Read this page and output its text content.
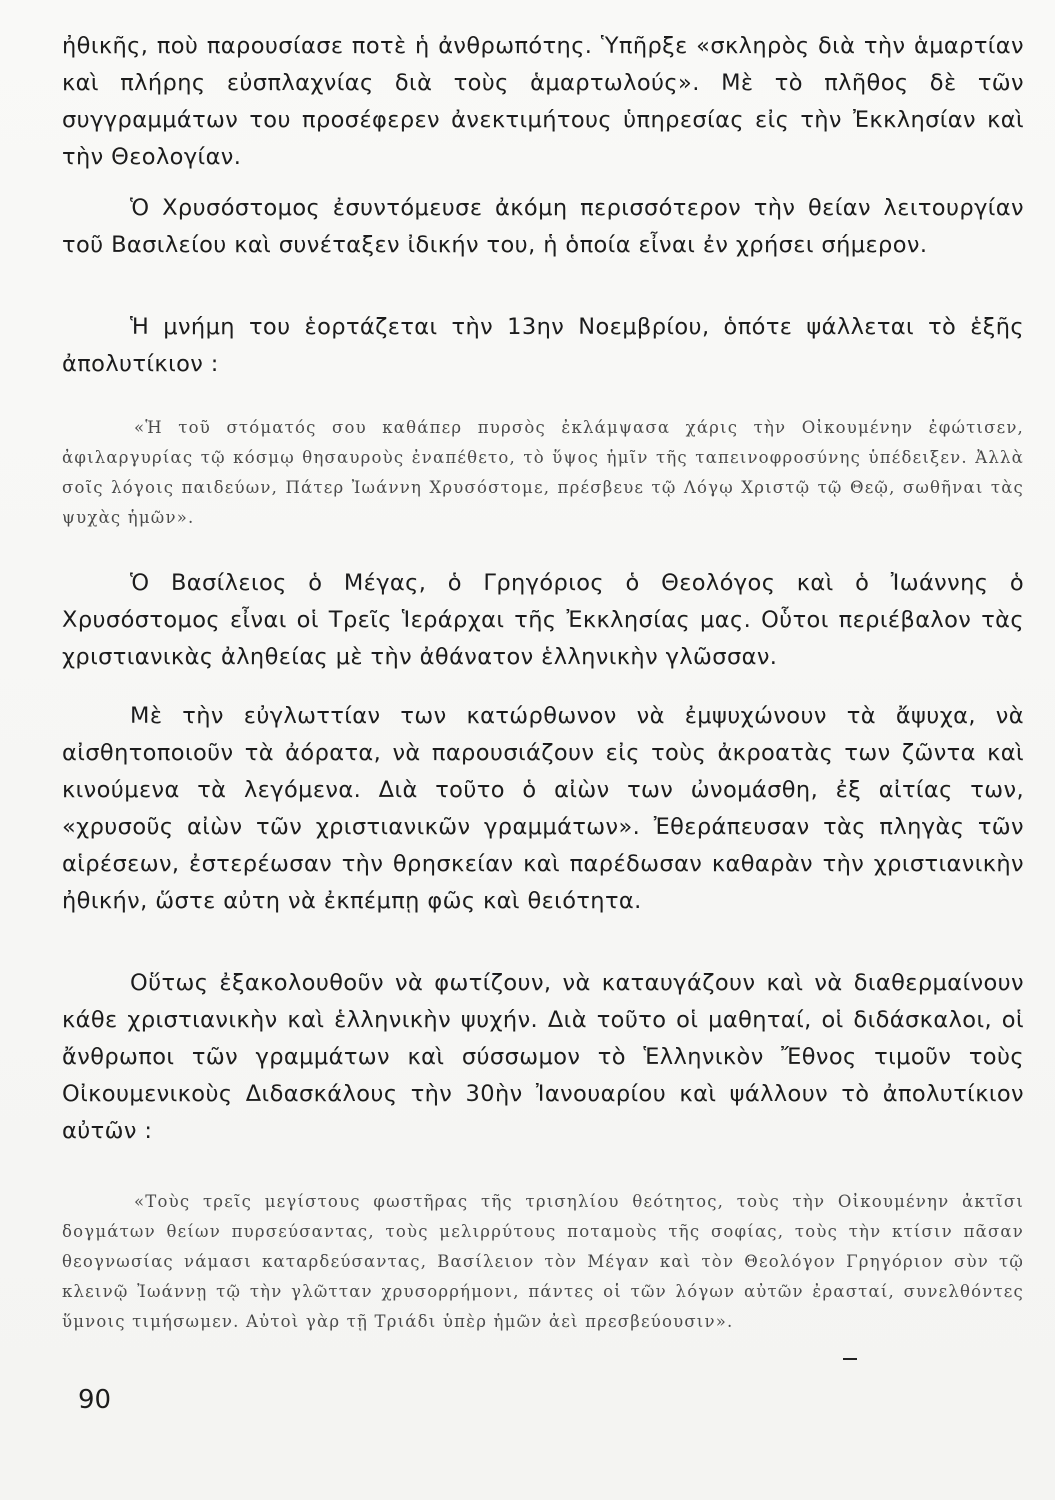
ἠθικῆς, ποὺ παρουσίασε ποτὲ ἡ ἀνθρωπότης. Ὑπῆρξε «σκληρὸς διὰ τὴν ἁμαρτίαν καὶ πλήρης εὐσπλαχνίας διὰ τοὺς ἁμαρτωλούς». Μὲ τὸ πλῆθος δὲ τῶν συγγραμμάτων του προσέφερεν ἀνεκτιμήτους ὑπηρεσίας εἰς τὴν Ἐκκλησίαν καὶ τὴν Θεολογίαν.

Ὁ Χρυσόστομος ἐσυντόμευσε ἀκόμη περισσότερον τὴν θείαν λειτουργίαν τοῦ Βασιλείου καὶ συνέταξεν ἰδικήν του, ἡ ὁποία εἶναι ἐν χρήσει σήμερον.

Ἡ μνήμη του ἑορτάζεται τὴν 13ην Νοεμβρίου, ὁπότε ψάλλεται τὸ ἑξῆς ἀπολυτίκιον :

«Ἡ τοῦ στόματός σου καθάπερ πυρσὸς ἐκλάμψασα χάρις τὴν Οἰκουμένην ἐφώτισεν, ἀφιλαργυρίας τῷ κόσμῳ θησαυροὺς ἐναπέθετο, τὸ ὕψος ἡμῖν τῆς ταπεινοφροσύνης ὑπέδειξεν. Ἀλλὰ σοῖς λόγοις παιδεύων, Πάτερ Ἰωάννη Χρυσόστομε, πρέσβευε τῷ Λόγῳ Χριστῷ τῷ Θεῷ, σωθῆναι τὰς ψυχὰς ἡμῶν».

Ὁ Βασίλειος ὁ Μέγας, ὁ Γρηγόριος ὁ Θεολόγος καὶ ὁ Ἰωάννης ὁ Χρυσόστομος εἶναι οἱ Τρεῖς Ἱεράρχαι τῆς Ἐκκλησίας μας. Οὗτοι περιέβαλον τὰς χριστιανικὰς ἀληθείας μὲ τὴν ἀθάνατον ἑλληνικὴν γλῶσσαν.

Μὲ τὴν εὐγλωττίαν των κατώρθωνον νὰ ἐμψυχώνουν τὰ ἄψυχα, νὰ αἰσθητοποιοῦν τὰ ἀόρατα, νὰ παρουσιάζουν εἰς τοὺς ἀκροατὰς των ζῶντα καὶ κινούμενα τὰ λεγόμενα. Διὰ τοῦτο ὁ αἰὼν των ὠνομάσθη, ἐξ αἰτίας των, «χρυσοῦς αἰὼν τῶν χριστιανικῶν γραμμάτων». Ἐθεράπευσαν τὰς πληγὰς τῶν αἱρέσεων, ἐστερέωσαν τὴν θρησκείαν καὶ παρέδωσαν καθαρὰν τὴν χριστιανικὴν ἠθικήν, ὥστε αὐτη νὰ ἐκπέμπῃ φῶς καὶ θειότητα.

Οὕτως ἐξακολουθοῦν νὰ φωτίζουν, νὰ καταυγάζουν καὶ νὰ διαθερμαίνουν κάθε χριστιανικὴν καὶ ἑλληνικὴν ψυχήν. Διὰ τοῦτο οἱ μαθηταί, οἱ διδάσκαλοι, οἱ ἄνθρωποι τῶν γραμμάτων καὶ σύσσωμον τὸ Ἑλληνικὸν Ἔθνος τιμοῦν τοὺς Οἰκουμενικοὺς Διδασκάλους τὴν 30ὴν Ἰανουαρίου καὶ ψάλλουν τὸ ἀπολυτίκιον αὐτῶν :

«Τοὺς τρεῖς μεγίστους φωστῆρας τῆς τρισηλίου θεότητος, τοὺς τὴν Οἰκουμένην ἀκτῖσι δογμάτων θείων πυρσεύσαντας, τοὺς μελιρρύτους ποταμοὺς τῆς σοφίας, τοὺς τὴν κτίσιν πᾶσαν θεογνωσίας νάμασι καταρδεύσαντας, Βασίλειον τὸν Μέγαν καὶ τὸν Θεολόγον Γρηγόριον σὺν τῷ κλεινῷ Ἰωάννῃ τῷ τὴν γλῶτταν χρυσορρήμονι, πάντες οἱ τῶν λόγων αὐτῶν ἐρασταί, συνελθόντες ὕμνοις τιμήσωμεν. Αὐτοὶ γὰρ τῇ Τριάδι ὑπὲρ ἡμῶν ἀεὶ πρεσβεύουσιν».

90
